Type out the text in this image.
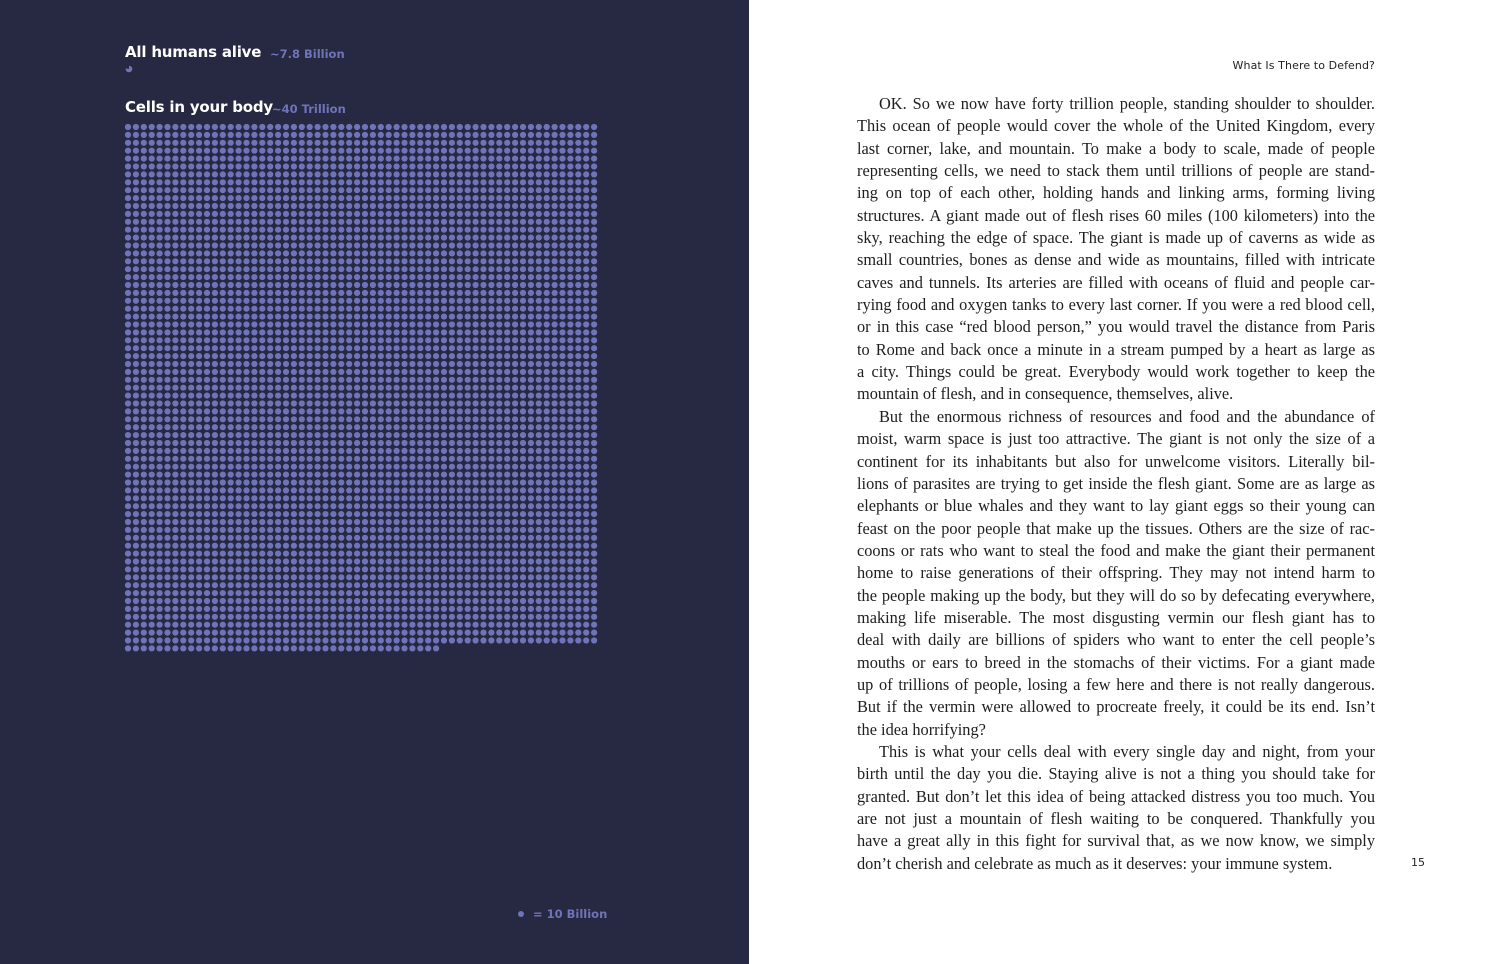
All humans alive ~7.8 Billion
Cells in your body ~40 Trillion
= 10 Billion
What Is There to Defend?

OK. So we now have forty trillion people, standing shoulder to shoulder.
This ocean of people would cover the whole of the United Kingdom, every
last corner, lake, and mountain. To make a body to scale, made of people
representing cells, we need to stack them until trillions of people are stand-
ing on top of each other, holding hands and linking arms, forming living
structures. A giant made out of flesh rises 60 miles (100 kilometers) into the
sky, reaching the edge of space. The giant is made up of caverns as wide as
small countries, bones as dense and wide as mountains, filled with intricate
caves and tunnels. Its arteries are filled with oceans of fluid and people car-
rying food and oxygen tanks to every last corner. If you were a red blood cell,
or in this case “red blood person,” you would travel the distance from Paris
to Rome and back once a minute in a stream pumped by a heart as large as
a city. Things could be great. Everybody would work together to keep the
mountain of flesh, and in consequence, themselves, alive.

But the enormous richness of resources and food and the abundance of
moist, warm space is just too attractive. The giant is not only the size of a
continent for its inhabitants but also for unwelcome visitors. Literally bil-
lions of parasites are trying to get inside the flesh giant. Some are as large as
elephants or blue whales and they want to lay giant eggs so their young can
feast on the poor people that make up the tissues. Others are the size of rac-
coons or rats who want to steal the food and make the giant their permanent
home to raise generations of their offspring. They may not intend harm to
the people making up the body, but they will do so by defecating everywhere,
making life miserable. The most disgusting vermin our flesh giant has to
deal with daily are billions of spiders who want to enter the cell people’s
mouths or ears to breed in the stomachs of their victims. For a giant made
up of trillions of people, losing a few here and there is not really dangerous.
But if the vermin were allowed to procreate freely, it could be its end. Isn’t
the idea horrifying?

This is what your cells deal with every single day and night, from your
birth until the day you die. Staying alive is not a thing you should take for
granted. But don’t let this idea of being attacked distress you too much. You
are not just a mountain of flesh waiting to be conquered. Thankfully you
have a great ally in this fight for survival that, as we now know, we simply
don’t cherish and celebrate as much as it deserves: your immune system.	15
